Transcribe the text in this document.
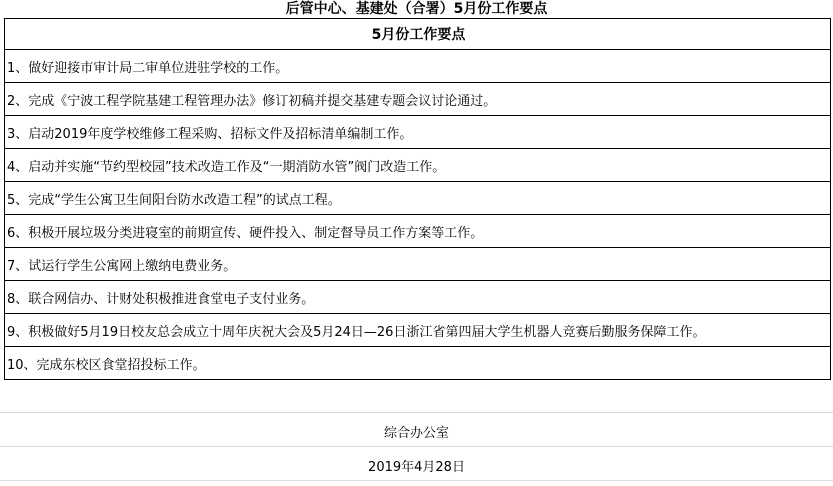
后管中心、基建处（合署）5月份工作要点
5月份工作要点
1、做好迎接市审计局二审单位进驻学校的工作。
2、完成《宁波工程学院基建工程管理办法》修订初稿并提交基建专题会议讨论通过。
3、启动2019年度学校维修工程采购、招标文件及招标清单编制工作。
4、启动并实施“节约型校园”技术改造工作及“一期消防水管”阀门改造工作。
5、完成“学生公寓卫生间阳台防水改造工程”的试点工程。
6、积极开展垃圾分类进寝室的前期宣传、硬件投入、制定督导员工作方案等工作。
7、试运行学生公寓网上缴纳电费业务。
8、联合网信办、计财处积极推进食堂电子支付业务。
9、积极做好5月19日校友总会成立十周年庆祝大会及5月24日—26日浙江省第四届大学生机器人竞赛后勤服务保障工作。
10、完成东校区食堂招投标工作。
综合办公室
2019年4月28日
